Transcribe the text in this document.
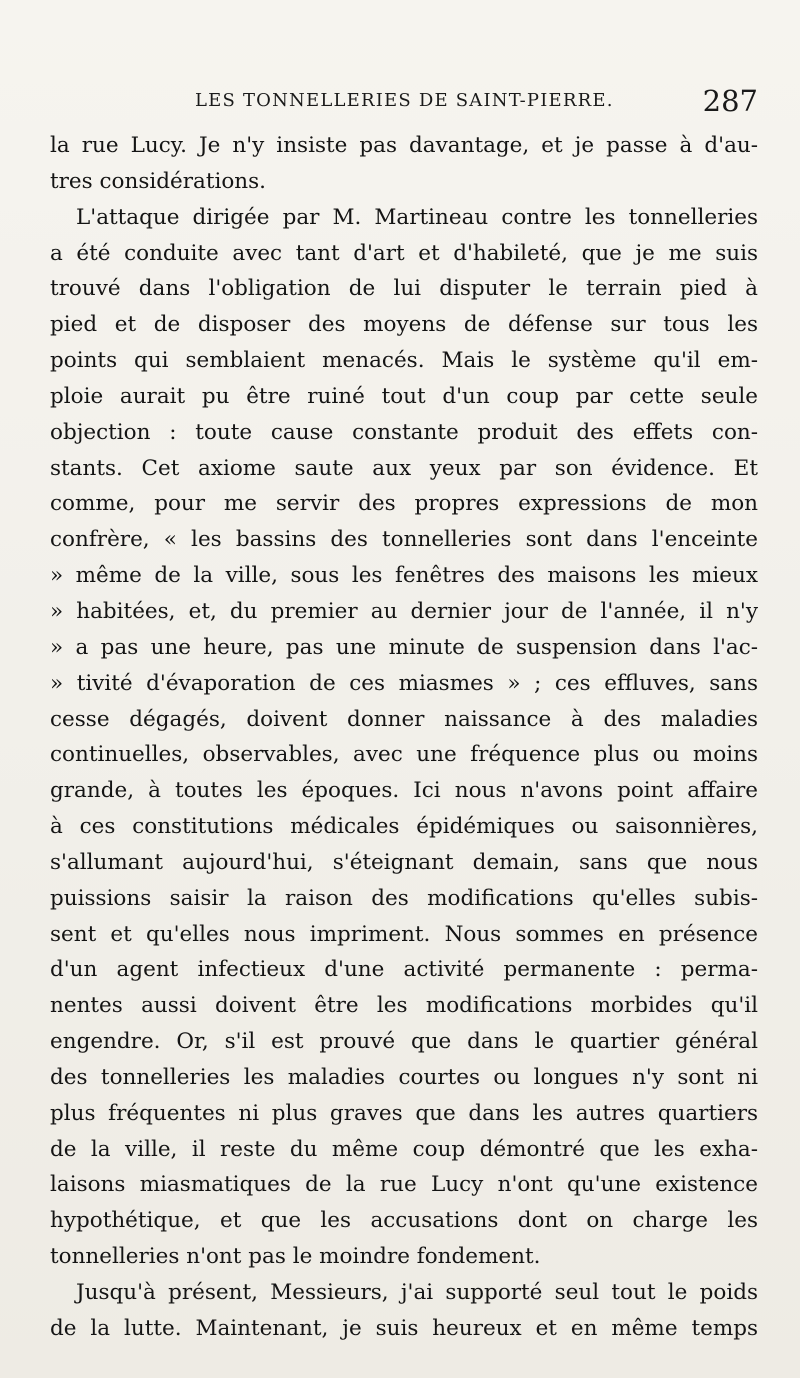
LES TONNELLERIES DE SAINT-PIERRE.	287
la rue Lucy. Je n'y insiste pas davantage, et je passe à d'au-
tres considérations.
L'attaque dirigée par M. Martineau contre les tonnelleries
a été conduite avec tant d'art et d'habileté, que je me suis
trouvé dans l'obligation de lui disputer le terrain pied à
pied et de disposer des moyens de défense sur tous les
points qui semblaient menacés. Mais le système qu'il em-
ploie aurait pu être ruiné tout d'un coup par cette seule
objection : toute cause constante produit des effets con-
stants. Cet axiome saute aux yeux par son évidence. Et
comme, pour me servir des propres expressions de mon
confrère, « les bassins des tonnelleries sont dans l'enceinte
» même de la ville, sous les fenêtres des maisons les mieux
» habitées, et, du premier au dernier jour de l'année, il n'y
» a pas une heure, pas une minute de suspension dans l'ac-
» tivité d'évaporation de ces miasmes » ; ces effluves, sans
cesse dégagés, doivent donner naissance à des maladies
continuelles, observables, avec une fréquence plus ou moins
grande, à toutes les époques. Ici nous n'avons point affaire
à ces constitutions médicales épidémiques ou saisonnières,
s'allumant aujourd'hui, s'éteignant demain, sans que nous
puissions saisir la raison des modifications qu'elles subis-
sent et qu'elles nous impriment. Nous sommes en présence
d'un agent infectieux d'une activité permanente : perma-
nentes aussi doivent être les modifications morbides qu'il
engendre. Or, s'il est prouvé que dans le quartier général
des tonnelleries les maladies courtes ou longues n'y sont ni
plus fréquentes ni plus graves que dans les autres quartiers
de la ville, il reste du même coup démontré que les exha-
laisons miasmatiques de la rue Lucy n'ont qu'une existence
hypothétique, et que les accusations dont on charge les
tonnelleries n'ont pas le moindre fondement.
Jusqu'à présent, Messieurs, j'ai supporté seul tout le poids
de la lutte. Maintenant, je suis heureux et en même temps
